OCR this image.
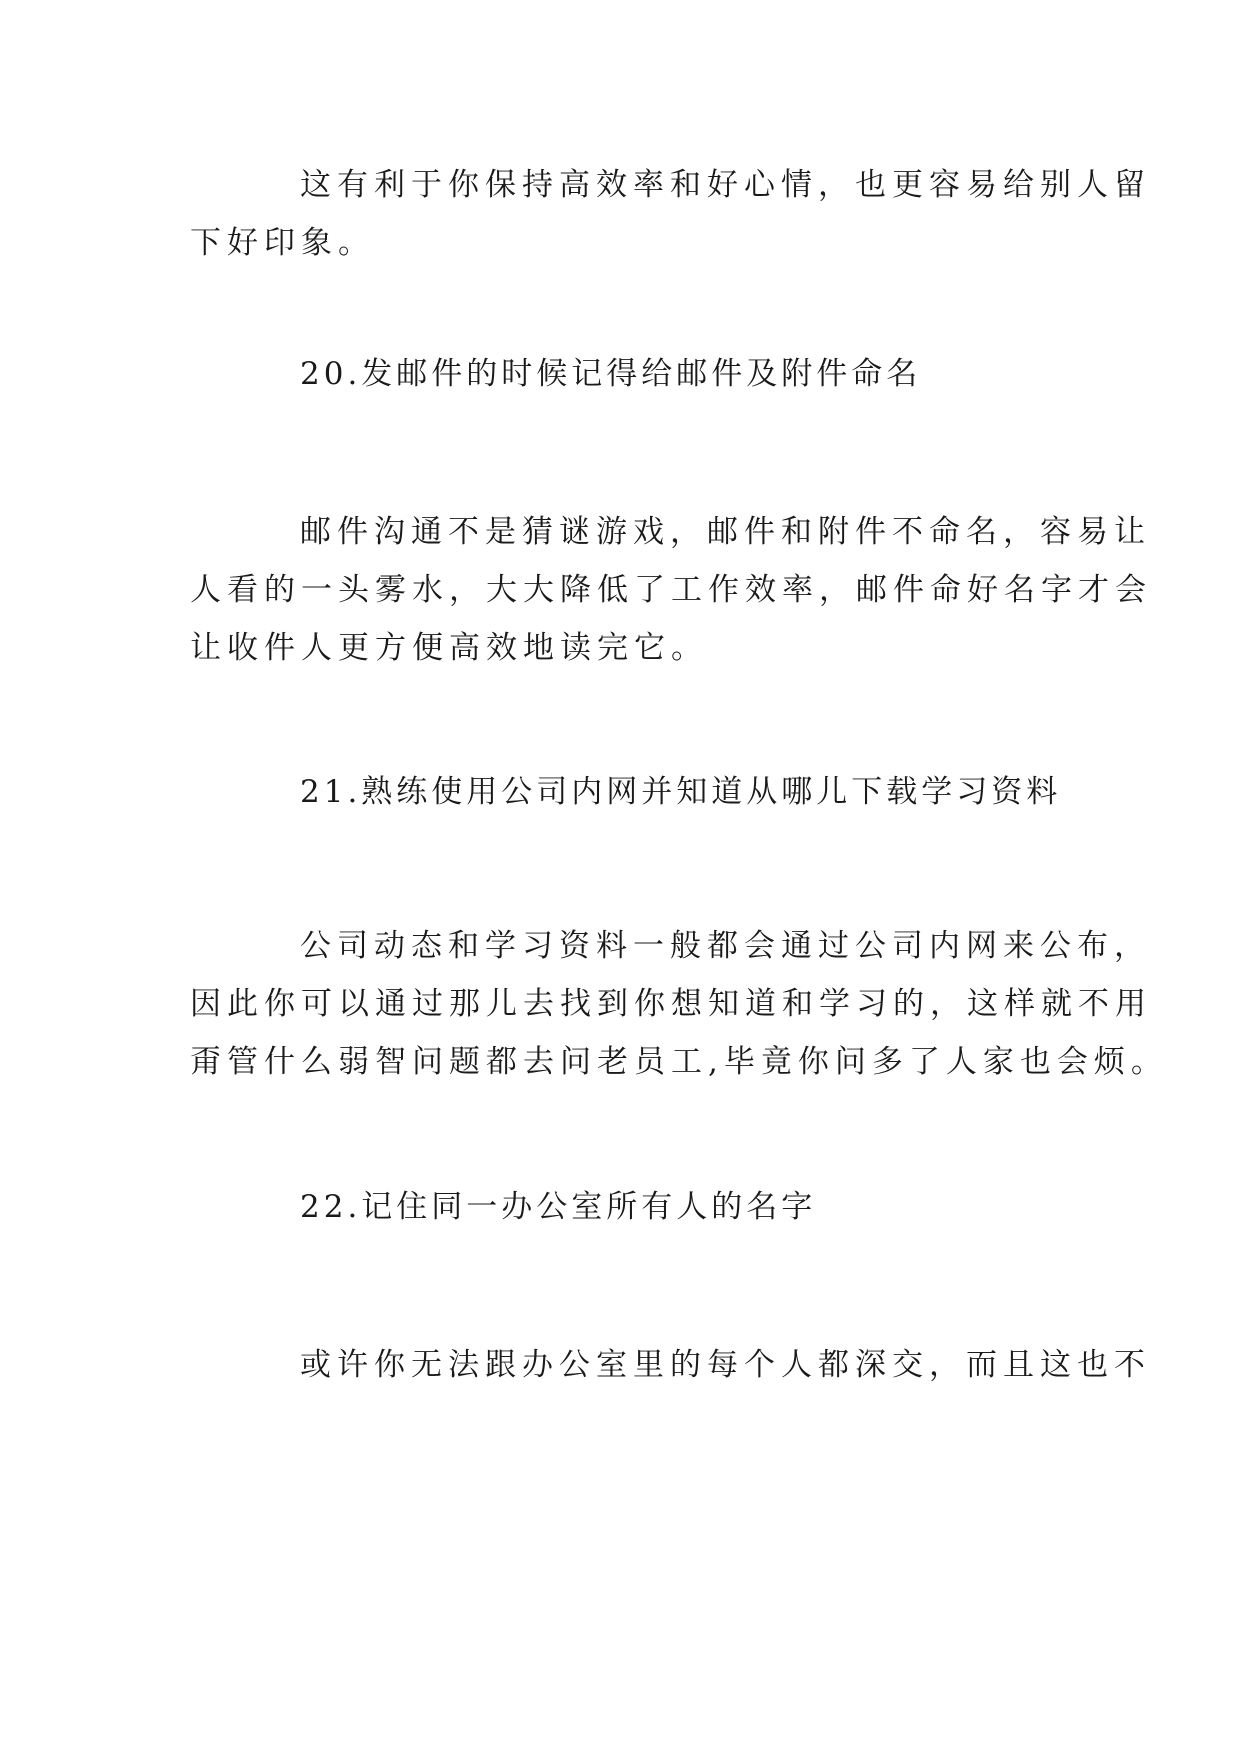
这有利于你保持高效率和好心情，也更容易给别人留
下好印象。
20.发邮件的时候记得给邮件及附件命名
邮件沟通不是猜谜游戏，邮件和附件不命名，容易让
人看的一头雾水，大大降低了工作效率，邮件命好名字才会
让收件人更方便高效地读完它。
21.熟练使用公司内网并知道从哪儿下载学习资料
公司动态和学习资料一般都会通过公司内网来公布，
因此你可以通过那儿去找到你想知道和学习的，这样就不用
甭管什么弱智问题都去问老员工,毕竟你问多了人家也会烦。
22.记住同一办公室所有人的名字
或许你无法跟办公室里的每个人都深交，而且这也不
